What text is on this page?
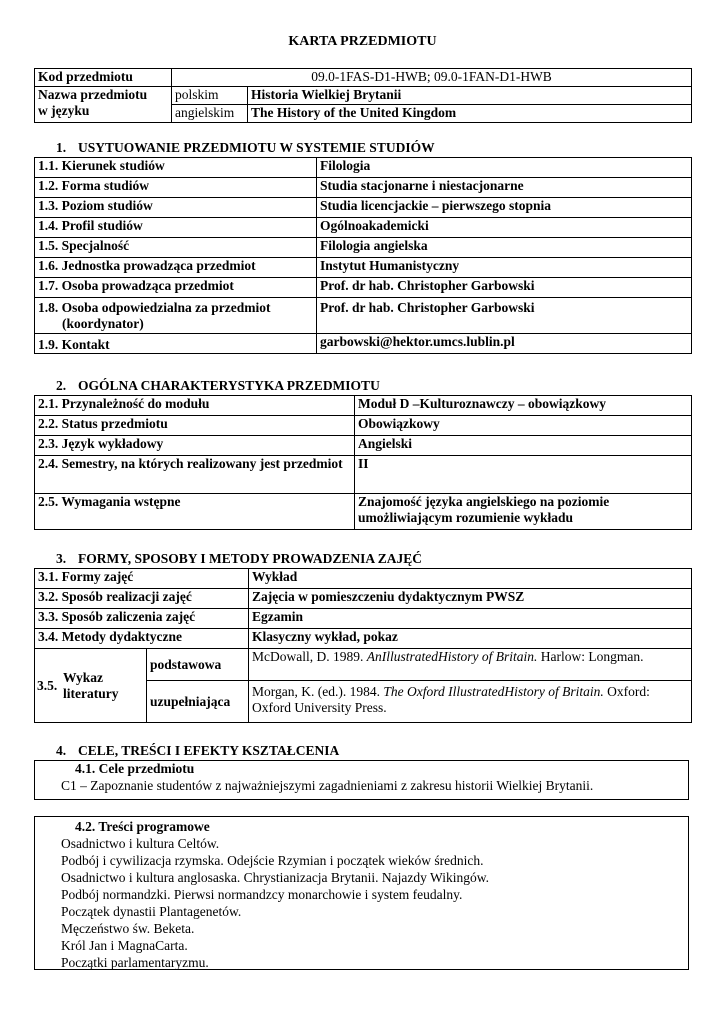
KARTA PRZEDMIOTU
Kod przedmiotu	09.0-1FAS-D1-HWB; 09.0-1FAN-D1-HWB	
Nazwa przedmiotu
w języku	polskim	Historia Wielkiej Brytanii
	angielskim	The History of the United Kingdom
1. USYTUOWANIE PRZEDMIOTU W SYSTEMIE STUDIÓW
1.1. Kierunek studiów	Filologia
1.2. Forma studiów	Studia stacjonarne i niestacjonarne
1.3. Poziom studiów	Studia licencjackie – pierwszego stopnia
1.4. Profil studiów	Ogólnoakademicki
1.5. Specjalność	Filologia angielska
1.6. Jednostka prowadząca przedmiot	Instytut Humanistyczny
1.7. Osoba prowadząca przedmiot	Prof. dr hab. Christopher Garbowski
1.8. Osoba odpowiedzialna za przedmiot
(koordynator)	Prof. dr hab. Christopher Garbowski
1.9. Kontakt	garbowski@hektor.umcs.lublin.pl
2. OGÓLNA CHARAKTERYSTYKA PRZEDMIOTU
2.1. Przynależność do modułu	Moduł D –Kulturoznawczy – obowiązkowy
2.2. Status przedmiotu	Obowiązkowy
2.3. Język wykładowy	Angielski
2.4. Semestry, na których realizowany jest przedmiot	II
2.5. Wymagania wstępne	Znajomość języka angielskiego na poziomie umożliwiającym rozumienie wykładu
3. FORMY, SPOSOBY I METODY PROWADZENIA ZAJĘĆ
3.1. Formy zajęć		Wykład
3.2. Sposób realizacji zajęć		Zajęcia w pomieszczeniu dydaktycznym PWSZ
3.3. Sposób zaliczenia zajęć		Egzamin
3.4. Metody dydaktyczne		Klasyczny wykład, pokaz

3.5.
Wykaz literatury	podstawowa	McDowall, D. 1989. AnIllustratedHistory of Britain. Harlow: Longman.
	uzupełniająca	Morgan, K. (ed.). 1984. The Oxford IllustratedHistory of Britain. Oxford: Oxford University Press.
4. CELE, TREŚCI I EFEKTY KSZTAŁCENIA
4.1. Cele przedmiotu
C1 – Zapoznanie studentów z najważniejszymi zagadnieniami z zakresu historii Wielkiej Brytanii.
4.2. Treści programowe
Osadnictwo i kultura Celtów.
Podbój i cywilizacja rzymska. Odejście Rzymian i początek wieków średnich.
Osadnictwo i kultura anglosaska. Chrystianizacja Brytanii. Najazdy Wikingów.
Podbój normandzki. Pierwsi normandzcy monarchowie i system feudalny.
Początek dynastii Plantagenetów.
Męczeństwo św. Beketa.
Król Jan i MagnaCarta.
Początki parlamentaryzmu.
